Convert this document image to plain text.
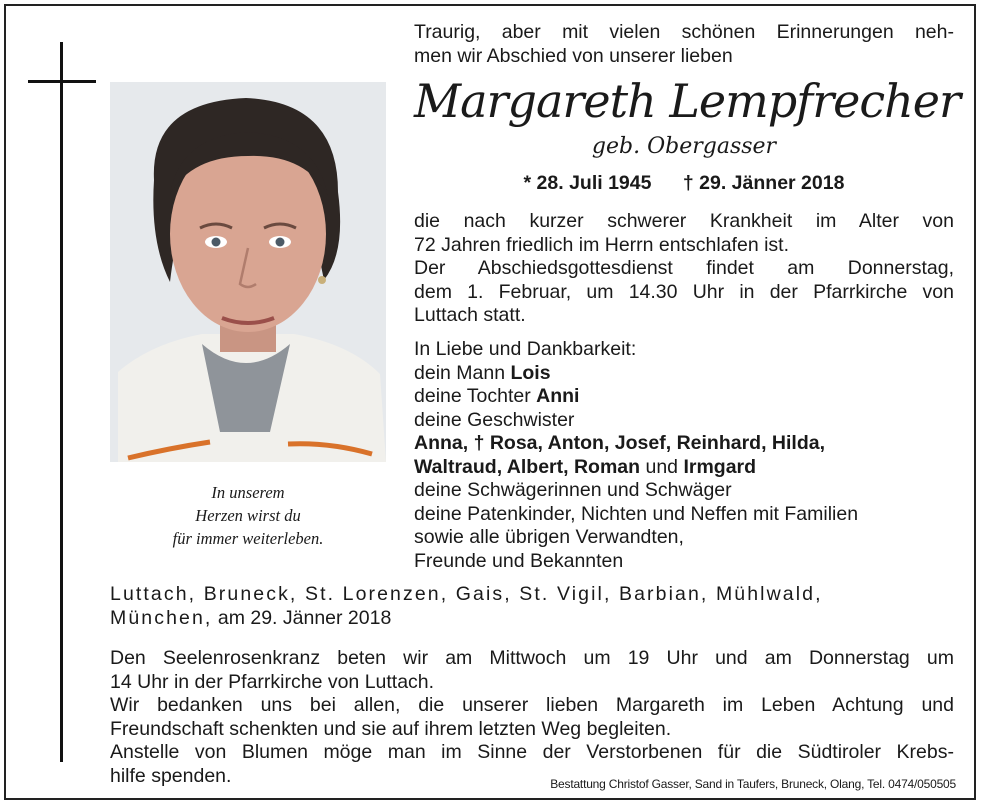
In unserem
Herzen wirst du
für immer weiterleben.
Traurig, aber mit vielen schönen Erinnerungen neh-
men wir Abschied von unserer lieben
Margareth Lempfrecher
geb. Obergasser
* 28. Juli 1945 † 29. Jänner 2018
die nach kurzer schwerer Krankheit im Alter von
72 Jahren friedlich im Herrn entschlafen ist.
Der Abschiedsgottesdienst findet am Donnerstag,
dem 1. Februar, um 14.30 Uhr in der Pfarrkirche von
Luttach statt.
In Liebe und Dankbarkeit:
dein Mann Lois
deine Tochter Anni
deine Geschwister
Anna, † Rosa, Anton, Josef, Reinhard, Hilda,
Waltraud, Albert, Roman und Irmgard
deine Schwägerinnen und Schwäger
deine Patenkinder, Nichten und Neffen mit Familien
sowie alle übrigen Verwandten,
Freunde und Bekannten
Luttach, Bruneck, St. Lorenzen, Gais, St. Vigil, Barbian, Mühlwald,
München, am 29. Jänner 2018
Den Seelenrosenkranz beten wir am Mittwoch um 19 Uhr und am Donnerstag um
14 Uhr in der Pfarrkirche von Luttach.
Wir bedanken uns bei allen, die unserer lieben Margareth im Leben Achtung und
Freundschaft schenkten und sie auf ihrem letzten Weg begleiten.
Anstelle von Blumen möge man im Sinne der Verstorbenen für die Südtiroler Krebs-
hilfe spenden.	Bestattung Christof Gasser, Sand in Taufers, Bruneck, Olang, Tel. 0474/050505
